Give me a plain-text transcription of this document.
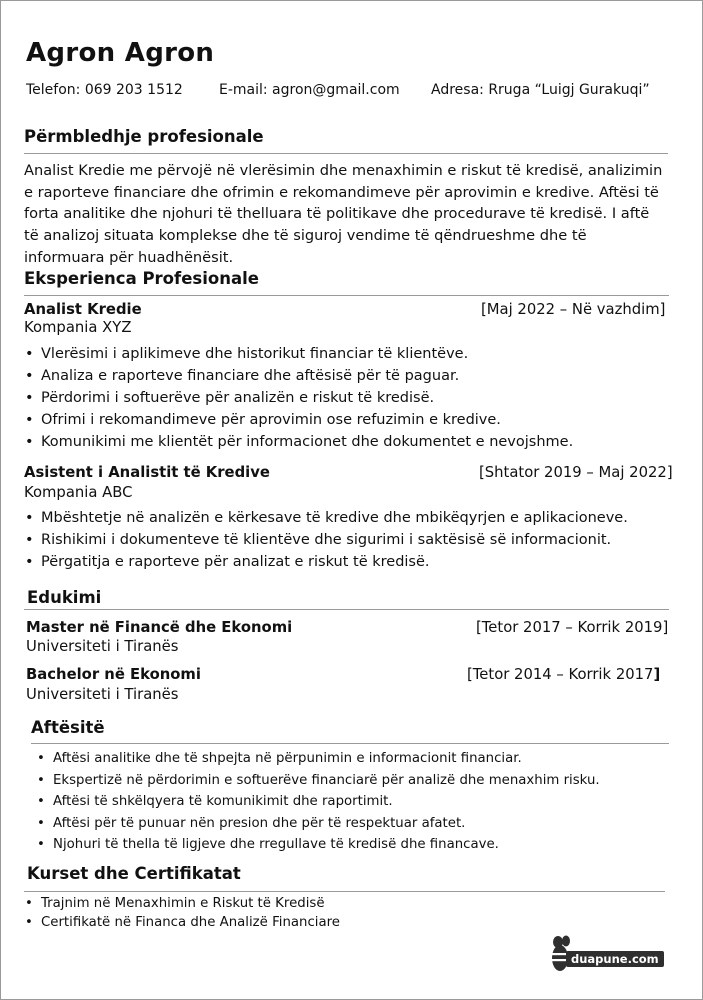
Agron Agron
Telefon: 069 203 1512	E-mail: agron@gmail.com Adresa: Rruga “Luigj Gurakuqi”
Përmbledhje profesionale
Analist Kredie me përvojë në vlerësimin dhe menaxhimin e riskut të kredisë, analizimin e raporteve financiare dhe ofrimin e rekomandimeve për aprovimin e kredive. Aftësi të forta analitike dhe njohuri të thelluara të politikave dhe procedurave të kredisë. I aftë të analizoj situata komplekse dhe të siguroj vendime të qëndrueshme dhe të informuara për huadhënësit.
Eksperienca Profesionale
Analist Kredie	[Maj 2022 – Në vazhdim]
Kompania XYZ
• Vlerësimi i aplikimeve dhe historikut financiar të klientëve.
• Analiza e raporteve financiare dhe aftësisë për të paguar.
• Përdorimi i softuerëve për analizën e riskut të kredisë.
• Ofrimi i rekomandimeve për aprovimin ose refuzimin e kredive.
• Komunikimi me klientët për informacionet dhe dokumentet e nevojshme.
Asistent i Analistit të Kredive	[Shtator 2019 – Maj 2022]
Kompania ABC
• Mbështetje në analizën e kërkesave të kredive dhe mbikëqyrjen e aplikacioneve.
• Rishikimi i dokumenteve të klientëve dhe sigurimi i saktësisë së informacionit.
• Përgatitja e raporteve për analizat e riskut të kredisë.
Edukimi
Master në Financë dhe Ekonomi	[Tetor 2017 – Korrik 2019]
Universiteti i Tiranës
Bachelor në Ekonomi	[Tetor 2014 – Korrik 2017]
Universiteti i Tiranës
Aftësitë
• Aftësi analitike dhe të shpejta në përpunimin e informacionit financiar.
• Ekspertizë në përdorimin e softuerëve financiarë për analizë dhe menaxhim risku.
• Aftësi të shkëlqyera të komunikimit dhe raportimit.
• Aftësi për të punuar nën presion dhe për të respektuar afatet.
• Njohuri të thella të ligjeve dhe rregullave të kredisë dhe financave.
Kurset dhe Certifikatat
• Trajnim në Menaxhimin e Riskut të Kredisë
• Certifikatë në Financa dhe Analizë Financiare
duapune.com
